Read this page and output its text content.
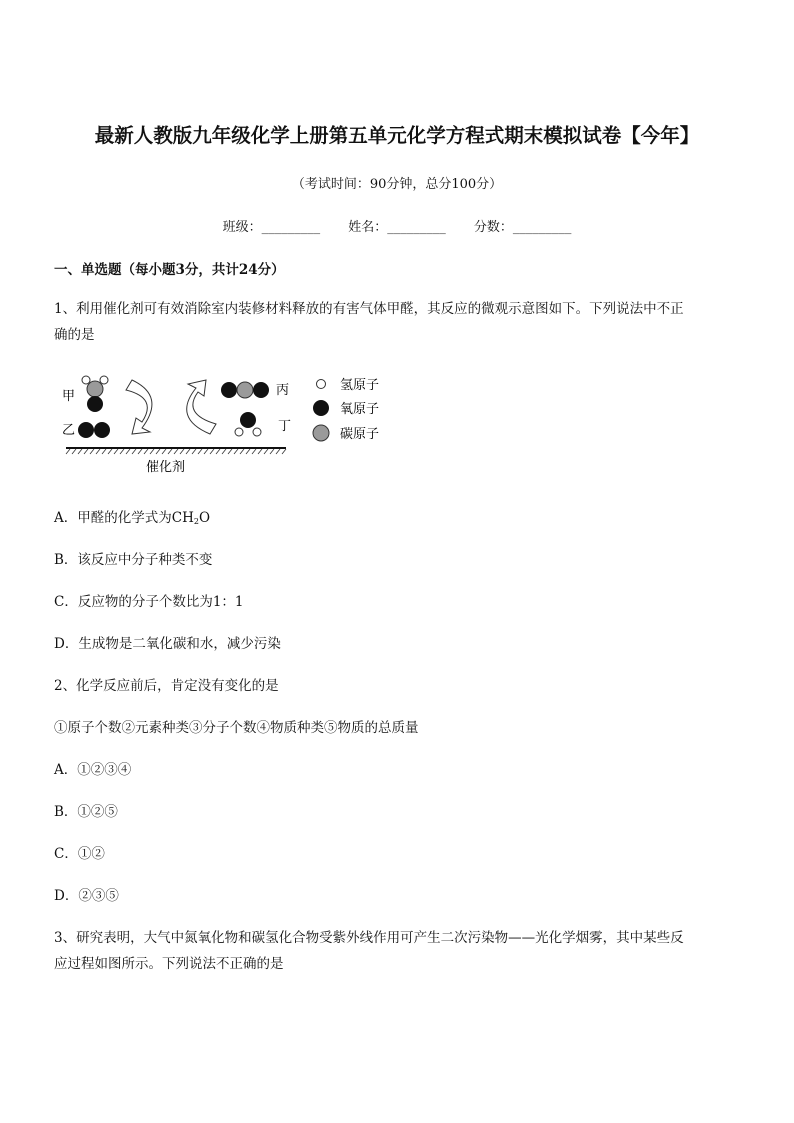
最新人教版九年级化学上册第五单元化学方程式期末模拟试卷【今年】
（考试时间：90分钟，总分100分）
班级：_________ 姓名：_________ 分数：_________
一、单选题（每小题3分，共计24分）
1、利用催化剂可有效消除室内装修材料释放的有害气体甲醛，其反应的微观示意图如下。下列说法中不正
确的是
甲
乙
丙
丁
催化剂
氢原子
氧原子
碳原子
A．甲醛的化学式为CH2O
B．该反应中分子种类不变
C．反应物的分子个数比为1：1
D．生成物是二氧化碳和水，减少污染
2、化学反应前后，肯定没有变化的是
①原子个数②元素种类③分子个数④物质种类⑤物质的总质量
A．①②③④
B．①②⑤
C．①②
D．②③⑤
3、研究表明，大气中氮氧化物和碳氢化合物受紫外线作用可产生二次污染物——光化学烟雾，其中某些反
应过程如图所示。下列说法不正确的是
